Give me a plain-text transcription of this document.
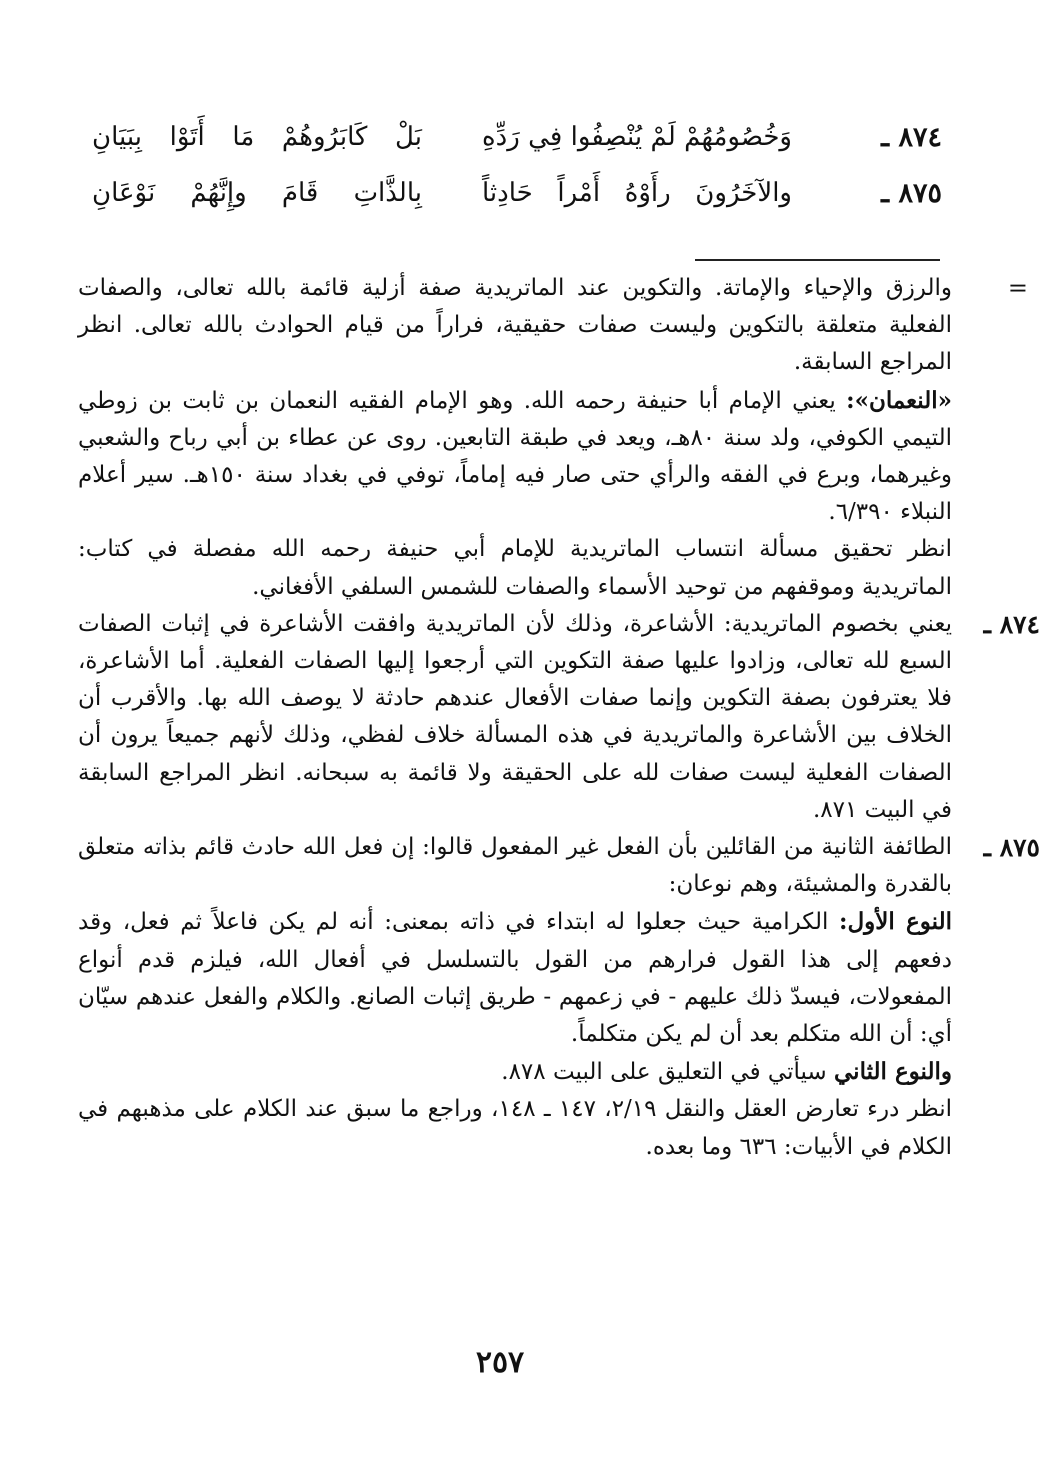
٨٧٤ ـ
وَخُصُومُهُمْ لَمْ يُنْصِفُوا فِي رَدِّهِ
بَلْ كَابَرُوهُمْ مَا أَتَوْا بِبَيَانِ
٨٧٥ ـ
والآخَرُونَ رأَوْهُ أَمْراً حَادِثاً
بِالذَّاتِ قَامَ وإِنَّهُمْ نَوْعَانِ

=
والرزق والإحياء والإماتة. والتكوين عند الماتريدية صفة أزلية قائمة بالله تعالى، والصفات الفعلية متعلقة بالتكوين وليست صفات حقيقية، فراراً من قيام الحوادث بالله تعالى. انظر المراجع السابقة.

«النعمان»: يعني الإمام أبا حنيفة رحمه الله. وهو الإمام الفقيه النعمان بن ثابت بن زوطي التيمي الكوفي، ولد سنة ٨٠هـ، ويعد في طبقة التابعين. روى عن عطاء بن أبي رباح والشعبي وغيرهما، وبرع في الفقه والرأي حتى صار فيه إماماً، توفي في بغداد سنة ١٥٠هـ. سير أعلام النبلاء ٦/٣٩٠.

انظر تحقيق مسألة انتساب الماتريدية للإمام أبي حنيفة رحمه الله مفصلة في كتاب: الماتريدية وموقفهم من توحيد الأسماء والصفات للشمس السلفي الأفغاني.

٨٧٤ ـ
يعني بخصوم الماتريدية: الأشاعرة، وذلك لأن الماتريدية وافقت الأشاعرة في إثبات الصفات السبع لله تعالى، وزادوا عليها صفة التكوين التي أرجعوا إليها الصفات الفعلية. أما الأشاعرة، فلا يعترفون بصفة التكوين وإنما صفات الأفعال عندهم حادثة لا يوصف الله بها. والأقرب أن الخلاف بين الأشاعرة والماتريدية في هذه المسألة خلاف لفظي، وذلك لأنهم جميعاً يرون أن الصفات الفعلية ليست صفات لله على الحقيقة ولا قائمة به سبحانه. انظر المراجع السابقة في البيت ٨٧١.

٨٧٥ ـ
الطائفة الثانية من القائلين بأن الفعل غير المفعول قالوا: إن فعل الله حادث قائم بذاته متعلق بالقدرة والمشيئة، وهم نوعان:

النوع الأول: الكرامية حيث جعلوا له ابتداء في ذاته بمعنى: أنه لم يكن فاعلاً ثم فعل، وقد دفعهم إلى هذا القول فرارهم من القول بالتسلسل في أفعال الله، فيلزم قدم أنواع المفعولات، فيسدّ ذلك عليهم - في زعمهم - طريق إثبات الصانع. والكلام والفعل عندهم سيّان أي: أن الله متكلم بعد أن لم يكن متكلماً.

والنوع الثاني سيأتي في التعليق على البيت ٨٧٨.

انظر درء تعارض العقل والنقل ٢/١٩، ١٤٧ ـ ١٤٨، وراجع ما سبق عند الكلام على مذهبهم في الكلام في الأبيات: ٦٣٦ وما بعده.

٢٥٧
